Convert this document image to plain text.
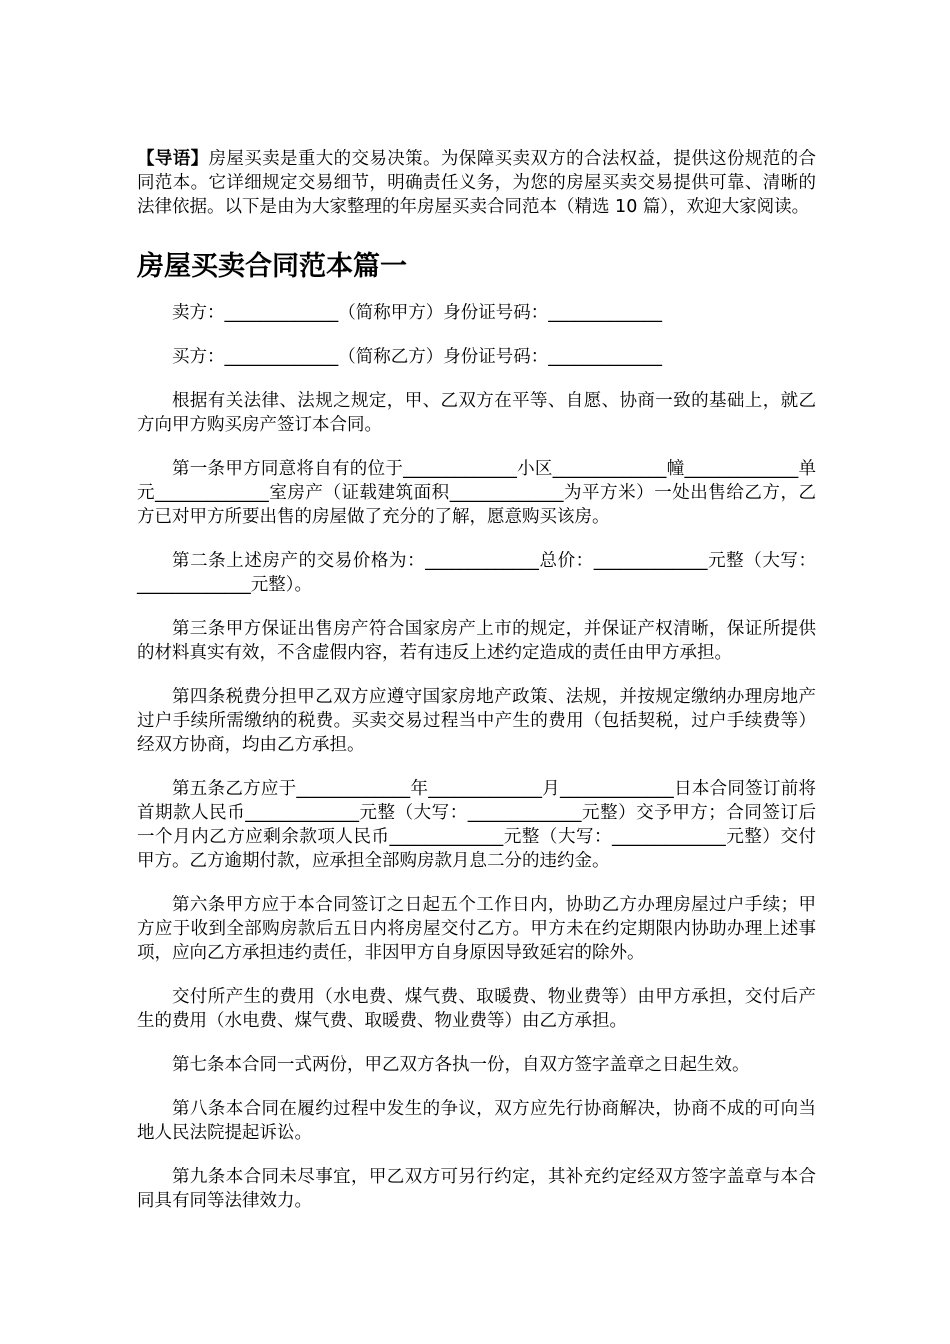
【导语】房屋买卖是重大的交易决策。为保障买卖双方的合法权益，提供这份规范的合同范本。它详细规定交易细节，明确责任义务，为您的房屋买卖交易提供可靠、清晰的法律依据。以下是由为大家整理的年房屋买卖合同范本（精选 10 篇），欢迎大家阅读。

房屋买卖合同范本篇一

卖方：_____________（简称甲方）身份证号码：_____________

买方：_____________（简称乙方）身份证号码：_____________

根据有关法律、法规之规定，甲、乙双方在平等、自愿、协商一致的基础上，就乙方向甲方购买房产签订本合同。

第一条甲方同意将自有的位于_____________小区_____________幢_____________单元_____________室房产（证载建筑面积_____________为平方米）一处出售给乙方，乙方已对甲方所要出售的房屋做了充分的了解，愿意购买该房。

第二条上述房产的交易价格为：_____________总价：_____________元整（大写：_____________元整）。

第三条甲方保证出售房产符合国家房产上市的规定，并保证产权清晰，保证所提供的材料真实有效，不含虚假内容，若有违反上述约定造成的责任由甲方承担。

第四条税费分担甲乙双方应遵守国家房地产政策、法规，并按规定缴纳办理房地产过户手续所需缴纳的税费。买卖交易过程当中产生的费用（包括契税，过户手续费等）经双方协商，均由乙方承担。

第五条乙方应于_____________年_____________月_____________日本合同签订前将首期款人民币_____________元整（大写：_____________元整）交予甲方；合同签订后一个月内乙方应剩余款项人民币_____________元整（大写：_____________元整）交付甲方。乙方逾期付款，应承担全部购房款月息二分的违约金。

第六条甲方应于本合同签订之日起五个工作日内，协助乙方办理房屋过户手续；甲方应于收到全部购房款后五日内将房屋交付乙方。甲方未在约定期限内协助办理上述事项，应向乙方承担违约责任，非因甲方自身原因导致延宕的除外。

交付所产生的费用（水电费、煤气费、取暖费、物业费等）由甲方承担，交付后产生的费用（水电费、煤气费、取暖费、物业费等）由乙方承担。

第七条本合同一式两份，甲乙双方各执一份，自双方签字盖章之日起生效。

第八条本合同在履约过程中发生的争议，双方应先行协商解决，协商不成的可向当地人民法院提起诉讼。

第九条本合同未尽事宜，甲乙双方可另行约定，其补充约定经双方签字盖章与本合同具有同等法律效力。
